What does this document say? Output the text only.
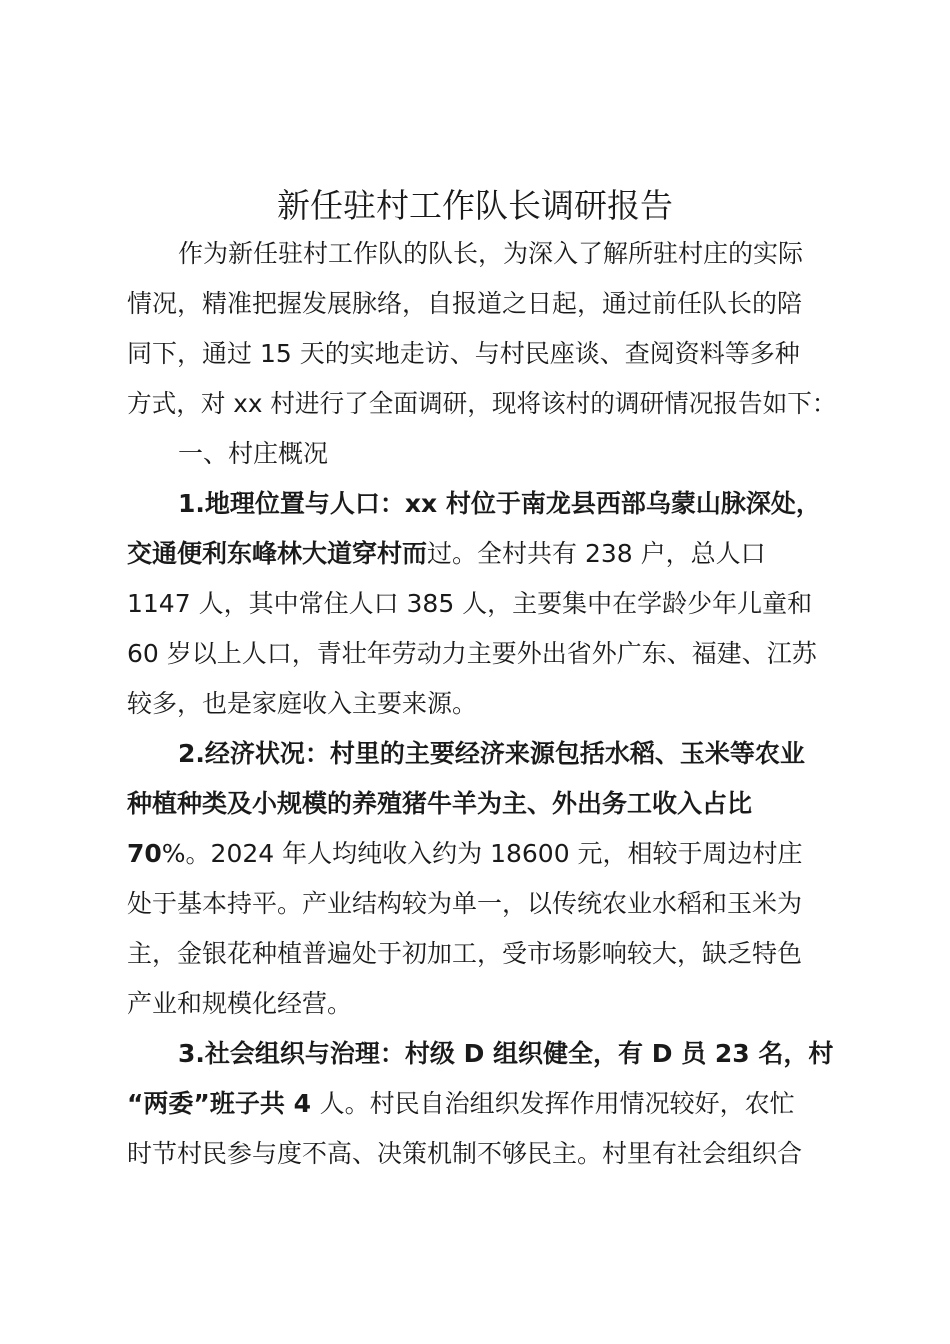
新任驻村工作队长调研报告
作为新任驻村工作队的队长，为深入了解所驻村庄的实际
情况，精准把握发展脉络，自报道之日起，通过前任队长的陪
同下，通过 15 天的实地走访、与村民座谈、查阅资料等多种
方式，对 xx 村进行了全面调研，现将该村的调研情况报告如下：
一、村庄概况
1.地理位置与人口：xx 村位于南龙县西部乌蒙山脉深处，
交通便利东峰林大道穿村而过。全村共有 238 户，总人口
1147 人，其中常住人口 385 人，主要集中在学龄少年儿童和
60 岁以上人口，青壮年劳动力主要外出省外广东、福建、江苏
较多，也是家庭收入主要来源。
2.经济状况：村里的主要经济来源包括水稻、玉米等农业
种植种类及小规模的养殖猪牛羊为主、外出务工收入占比
70%。2024 年人均纯收入约为 18600 元，相较于周边村庄
处于基本持平。产业结构较为单一，以传统农业水稻和玉米为
主，金银花种植普遍处于初加工，受市场影响较大，缺乏特色
产业和规模化经营。
3.社会组织与治理：村级 D 组织健全，有 D 员 23 名，村
“两委”班子共 4 人。村民自治组织发挥作用情况较好，农忙
时节村民参与度不高、决策机制不够民主。村里有社会组织合
